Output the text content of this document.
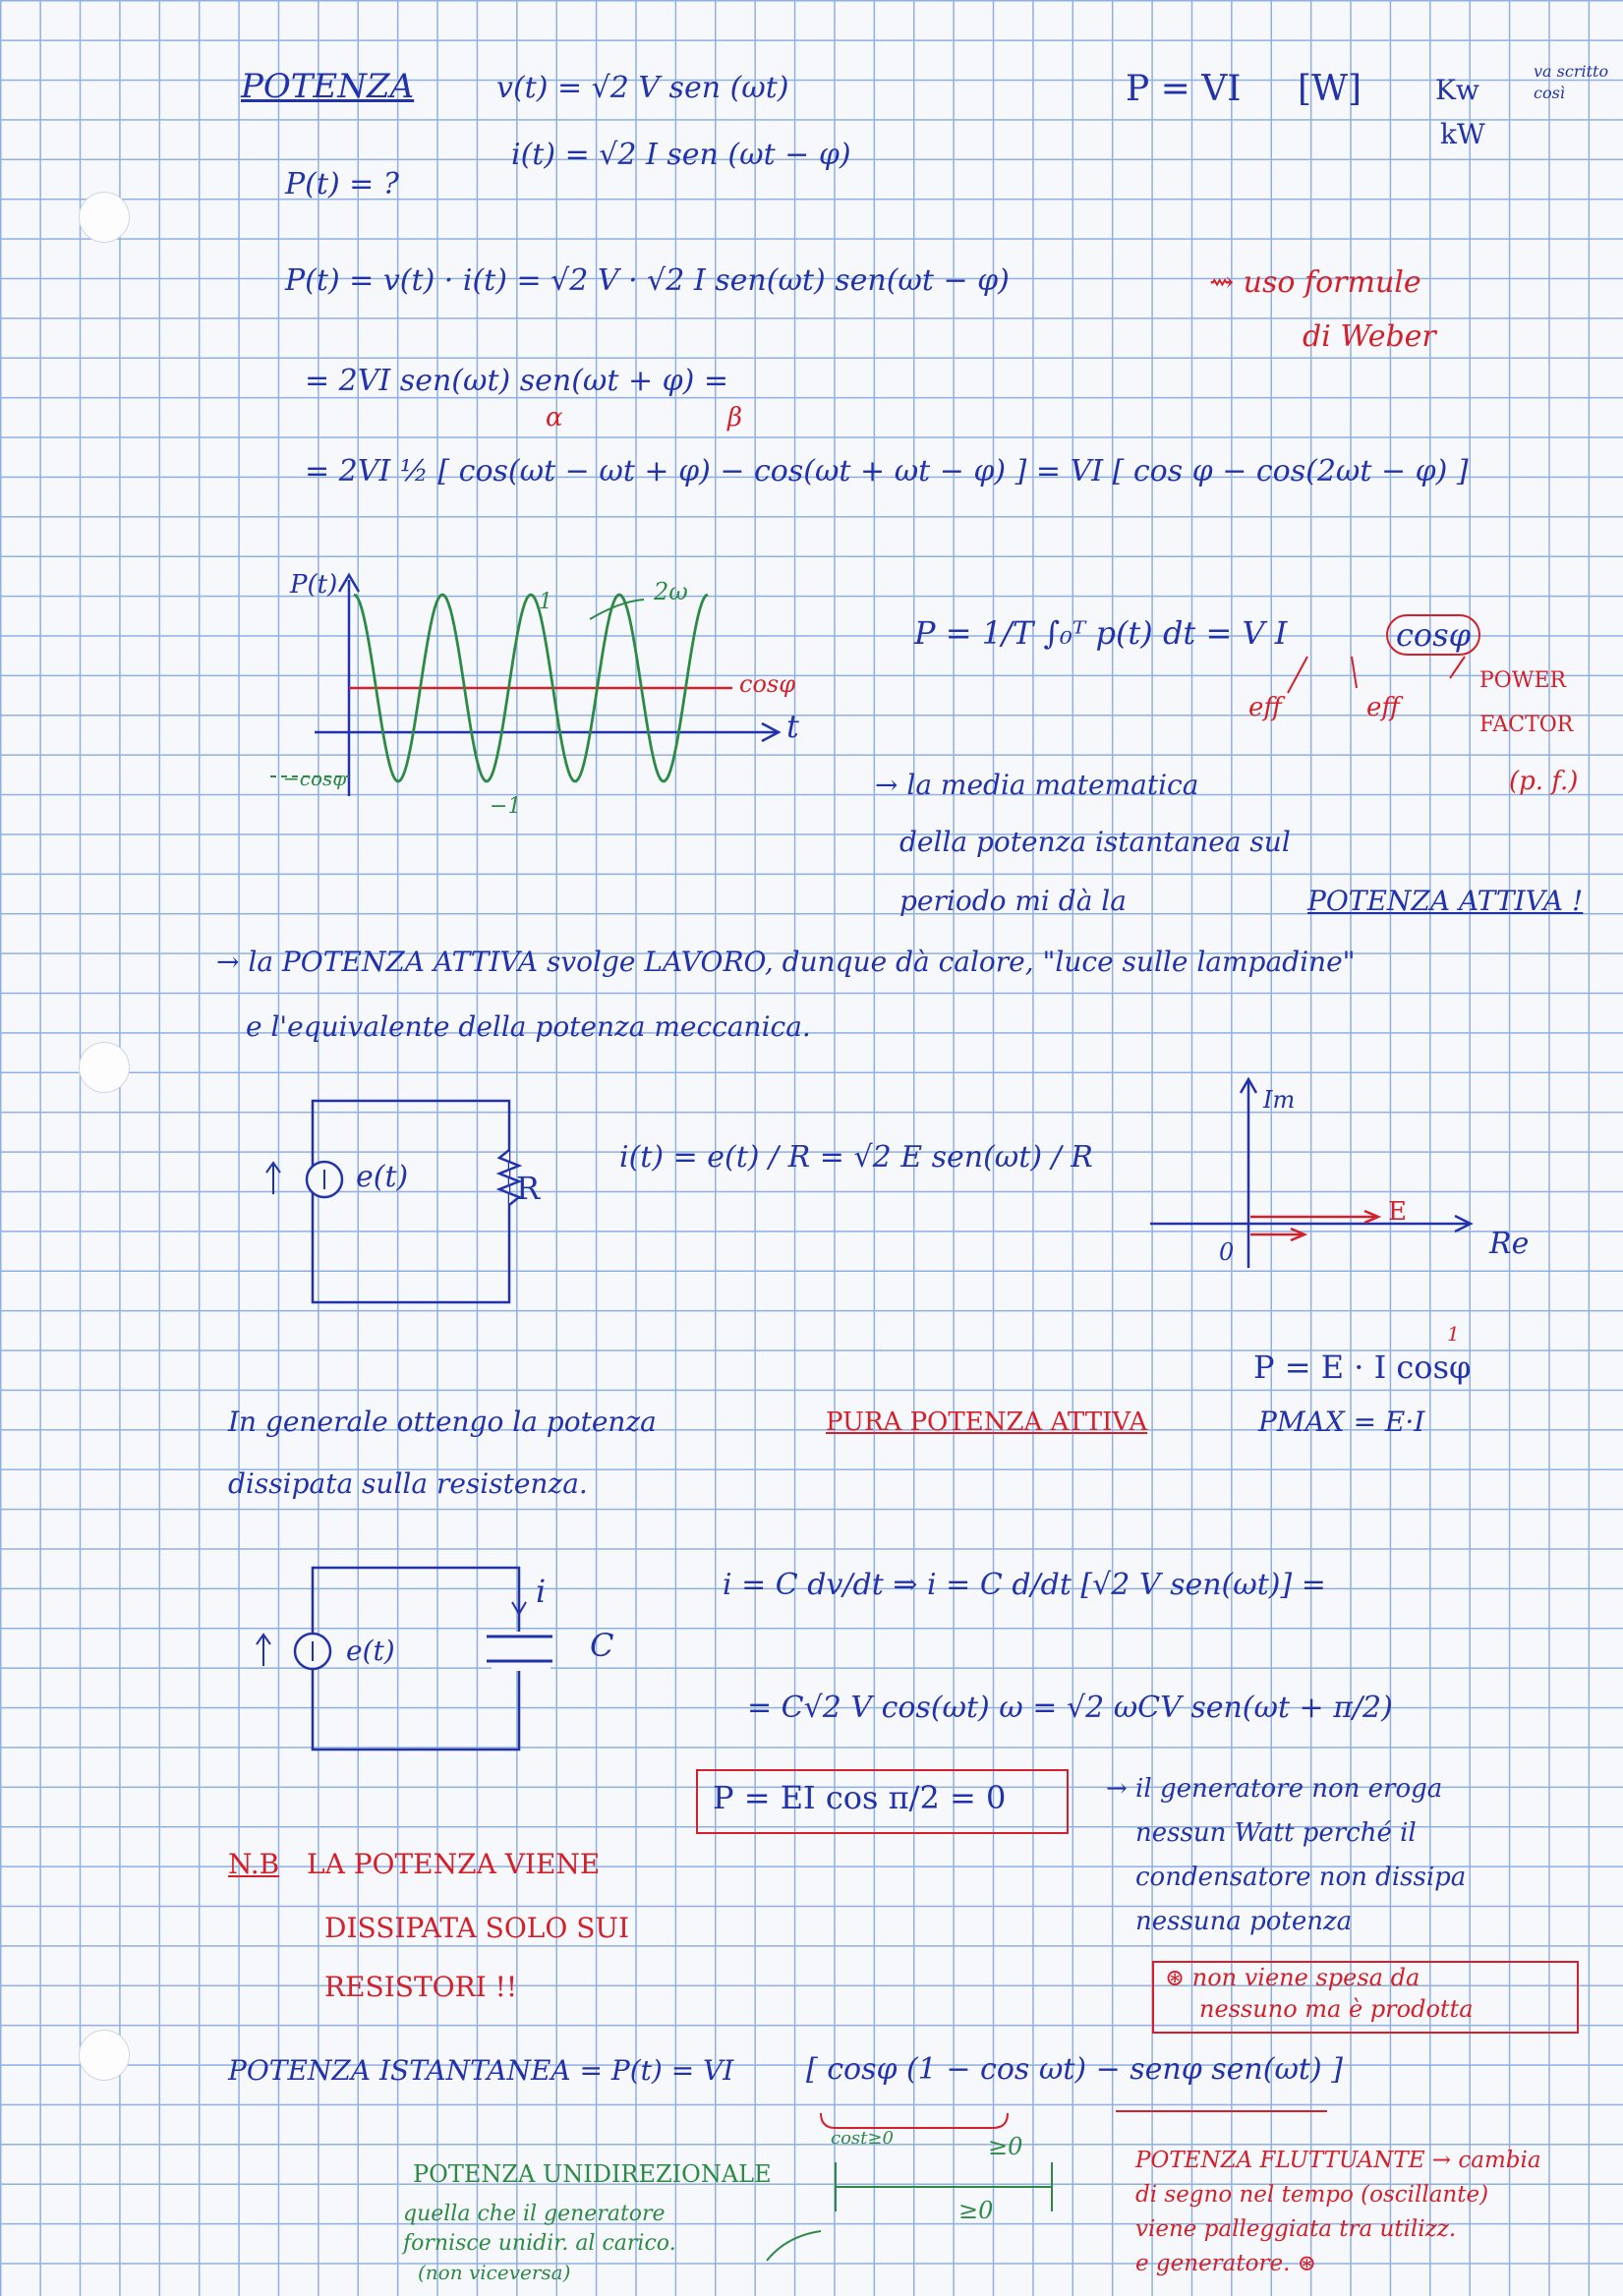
POTENZA	v(t) = √2 V sen (ωt)
i(t) = √2 I sen (ωt − φ)
P(t) = ?
P = VI [W]	Kw
kW
va scritto così
P(t) = v(t) · i(t) = √2 V · √2 I sen(ωt) sen(ωt − φ)	⇝ uso formule
di Weber
= 2VI sen(ωt) sen(ωt + φ) =
α	β
= 2VI ½ [ cos(ωt − ωt + φ) − cos(ωt + ωt − φ) ] = VI [ cos φ − cos(2ωt − φ) ]
P(t)
t
2ω
1
cosφ
−cosφ
−1
P = 1/T ∫₀ᵀ p(t) dt = V I	cosφ
eff	eff
POWER
FACTOR
(p. f.)
→ la media matematica
della potenza istantanea sul
periodo mi dà la	POTENZA ATTIVA !
→ la POTENZA ATTIVA svolge LAVORO, dunque dà calore, "luce sulle lampadine"
e l'equivalente della potenza meccanica.
e(t)	R
i(t) = e(t) / R = √2 E sen(ωt) / R
Im
Re
E
0
P = E · I cosφ
1
In generale ottengo la potenza	PURA POTENZA ATTIVA	PMAX = E·I
dissipata sulla resistenza.
e(t)
i
C
i = C dv/dt ⇒ i = C d/dt [√2 V sen(ωt)] =
= C√2 V cos(ωt) ω = √2 ωCV sen(ωt + π/2)
P = EI cos π/2 = 0	→ il generatore non eroga
nessun Watt perché il
condensatore non dissipa
nessuna potenza
N.B LA POTENZA VIENE
DISSIPATA SOLO SUI
RESISTORI !!	⊛ non viene spesa da
nessuno ma è prodotta
POTENZA ISTANTANEA = P(t) = VI [ cosφ (1 − cos ωt) − senφ sen(ωt) ]
cost≥0	≥0
≥0
POTENZA UNIDIREZIONALE
quella che il generatore
fornisce unidir. al carico.
(non viceversa)
POTENZA FLUTTUANTE → cambia
di segno nel tempo (oscillante)
viene palleggiata tra utilizz.
e generatore. ⊛
